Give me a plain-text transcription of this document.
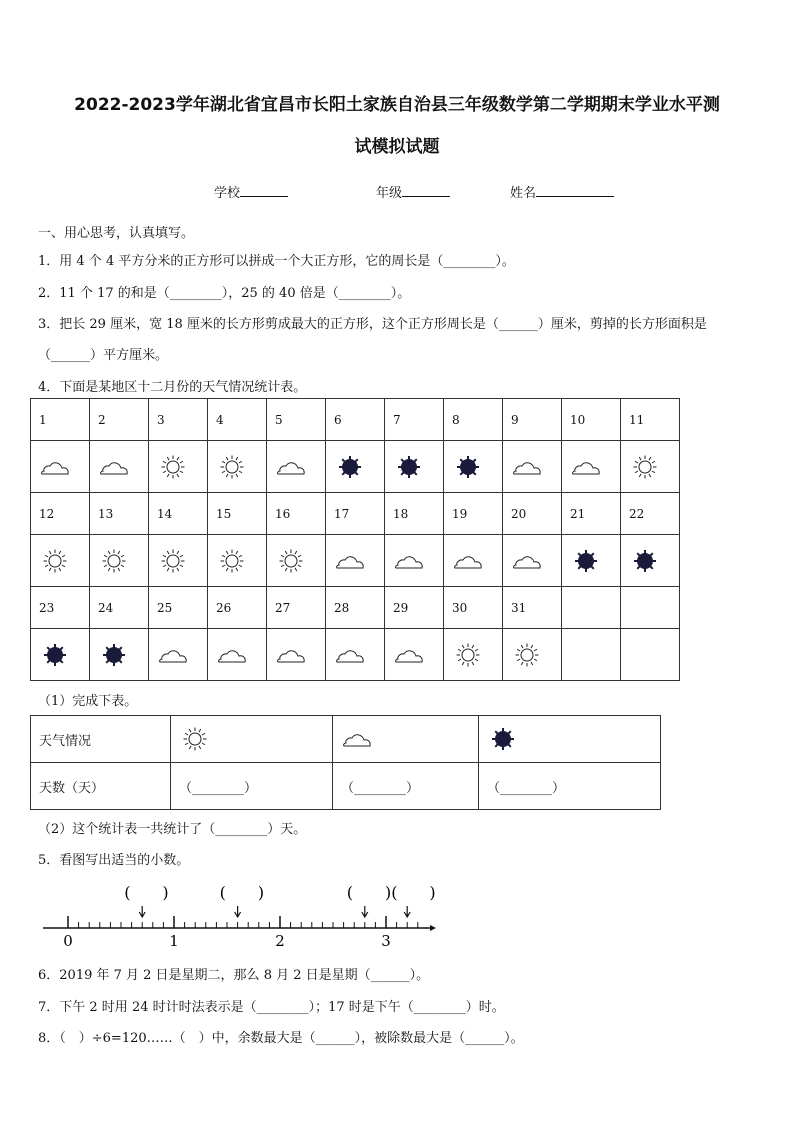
2022-2023学年湖北省宜昌市长阳土家族自治县三年级数学第二学期期末学业水平测
试模拟试题
学校	年级	姓名
一、用心思考，认真填写。
1．用 4 个 4 平方分米的正方形可以拼成一个大正方形，它的周长是（________）。
2．11 个 17 的和是（________），25 的 40 倍是（________）。
3．把长 29 厘米，宽 18 厘米的长方形剪成最大的正方形，这个正方形周长是（______）厘米，剪掉的长方形面积是
（______）平方厘米。
4．下面是某地区十二月份的天气情况统计表。
1	2	3	4	5	6	7	8	9	10	11

12	13	14	15	16	17	18	19	20	21	22

23	24	25	26	27	28	29	30	31		

（1）完成下表。
天气情况			
天数（天）	（________）	（________）	（________）
（2）这个统计表一共统计了（________）天。
5．看图写出适当的小数。
0	1	2	3
(　　)	(　　)	(　　) (　　)
6．2019 年 7 月 2 日是星期二，那么 8 月 2 日是星期（______）。
7．下午 2 时用 24 时计时法表示是（________）；17 时是下午（________）时。
8．（　）÷6=120……（　）中，余数最大是（______），被除数最大是（______）。
